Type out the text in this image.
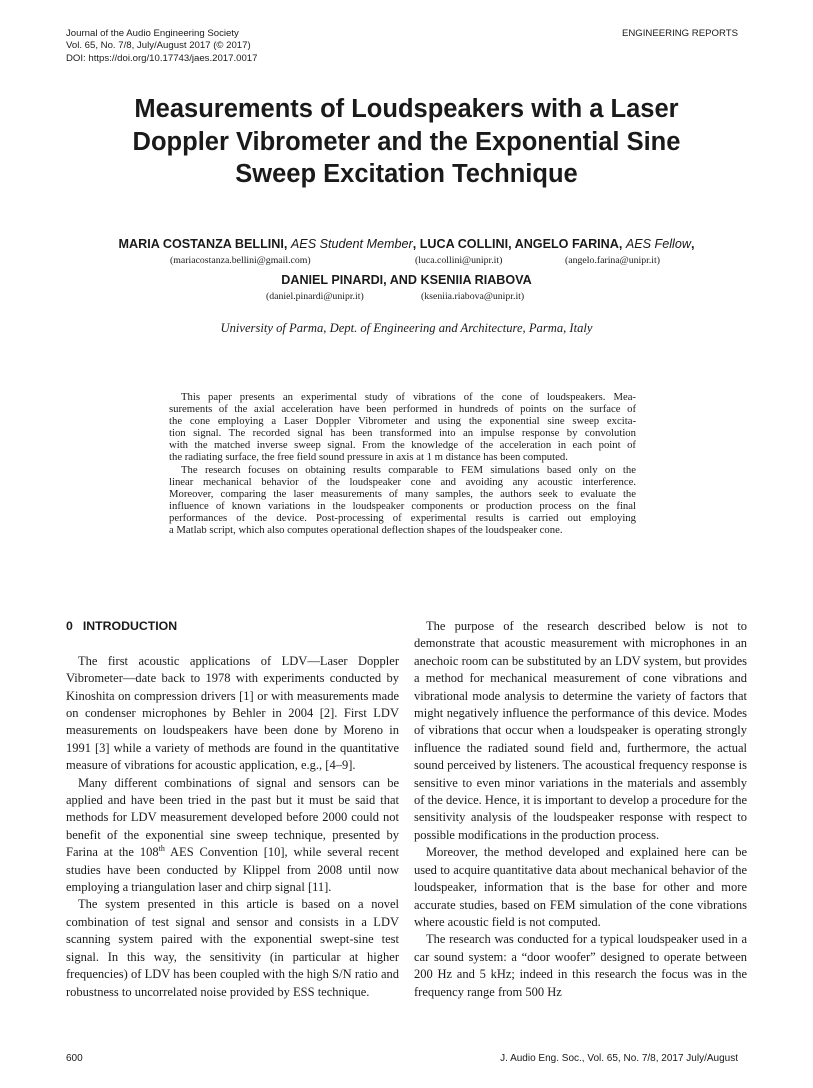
Journal of the Audio Engineering Society
Vol. 65, No. 7/8, July/August 2017 (© 2017)
DOI: https://doi.org/10.17743/jaes.2017.0017
ENGINEERING REPORTS
Measurements of Loudspeakers with a Laser
Doppler Vibrometer and the Exponential Sine
Sweep Excitation Technique
MARIA COSTANZA BELLINI, AES Student Member, LUCA COLLINI, ANGELO FARINA, AES Fellow,
(mariacostanza.bellini@gmail.com)	(luca.collini@unipr.it)	(angelo.farina@unipr.it)
DANIEL PINARDI, AND KSENIIA RIABOVA
(daniel.pinardi@unipr.it)	(kseniia.riabova@unipr.it)
University of Parma, Dept. of Engineering and Architecture, Parma, Italy

This paper presents an experimental study of vibrations of the cone of loudspeakers. Mea-

surements of the axial acceleration have been performed in hundreds of points on the surface of

the cone employing a Laser Doppler Vibrometer and using the exponential sine sweep excita-

tion signal. The recorded signal has been transformed into an impulse response by convolution

with the matched inverse sweep signal. From the knowledge of the acceleration in each point of

the radiating surface, the free field sound pressure in axis at 1 m distance has been computed.

The research focuses on obtaining results comparable to FEM simulations based only on the

linear mechanical behavior of the loudspeaker cone and avoiding any acoustic interference.

Moreover, comparing the laser measurements of many samples, the authors seek to evaluate the

influence of known variations in the loudspeaker components or production process on the final

performances of the device. Post-processing of experimental results is carried out employing

a Matlab script, which also computes operational deflection shapes of the loudspeaker cone.

0 INTRODUCTION

The first acoustic applications of LDV—Laser Doppler Vibrometer—date back to 1978 with experiments conducted by Kinoshita on compression drivers [1] or with measurements made on condenser microphones by Behler in 2004 [2]. First LDV measurements on loudspeakers have been done by Moreno in 1991 [3] while a variety of methods are found in the quantitative measure of vibrations for acoustic application, e.g., [4–9].

Many different combinations of signal and sensors can be applied and have been tried in the past but it must be said that methods for LDV measurement developed before 2000 could not benefit of the exponential sine sweep technique, presented by Farina at the 108th AES Convention [10], while several recent studies have been conducted by Klippel from 2008 until now employing a triangulation laser and chirp signal [11].

The system presented in this article is based on a novel combination of test signal and sensor and consists in a LDV scanning system paired with the exponential swept-sine test signal. In this way, the sensitivity (in particular at higher frequencies) of LDV has been coupled with the high S/N ratio and robustness to uncorrelated noise provided by ESS technique.

The purpose of the research described below is not to demonstrate that acoustic measurement with microphones in an anechoic room can be substituted by an LDV system, but provides a method for mechanical measurement of cone vibrations and vibrational mode analysis to determine the variety of factors that might negatively influence the performance of this device. Modes of vibrations that occur when a loudspeaker is operating strongly influence the radiated sound field and, furthermore, the actual sound perceived by listeners. The acoustical frequency response is sensitive to even minor variations in the materials and assembly of the device. Hence, it is important to develop a procedure for the sensitivity analysis of the loudspeaker response with respect to possible modifications in the production process.

Moreover, the method developed and explained here can be used to acquire quantitative data about mechanical behavior of the loudspeaker, information that is the base for other and more accurate studies, based on FEM simulation of the cone vibrations where acoustic field is not computed.

The research was conducted for a typical loudspeaker used in a car sound system: a “door woofer” designed to operate between 200 Hz and 5 kHz; indeed in this research the focus was in the frequency range from 500 Hz

600	J. Audio Eng. Soc., Vol. 65, No. 7/8, 2017 July/August
